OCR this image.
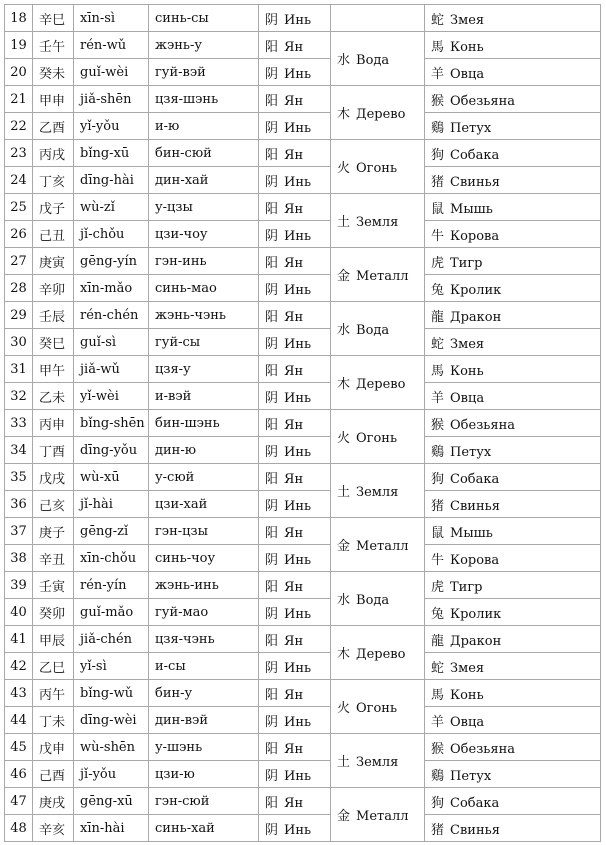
18	辛巳	xīn-sì	синь-сы	阴 Инь		蛇 Змея
19	壬午	rén-wǔ	жэнь-у	阳 Ян	水 Вода	馬 Конь
20	癸未	guǐ-wèi	гуй-вэй	阴 Инь		羊 Овца
21	甲申	jiǎ-shēn	цзя-шэнь	阳 Ян	木 Дерево	猴 Обезьяна
22	乙酉	yǐ-yǒu	и-ю	阴 Инь		鷄 Петух
23	丙戌	bǐng-xū	бин-сюй	阳 Ян	火 Огонь	狗 Собака
24	丁亥	dīng-hài	дин-хай	阴 Инь		猪 Свинья
25	戊子	wù-zǐ	у-цзы	阳 Ян	土 Земля	鼠 Мышь
26	己丑	jǐ-chǒu	цзи-чоу	阴 Инь		牛 Корова
27	庚寅	gēng-yín	гэн-инь	阳 Ян	金 Металл	虎 Тигр
28	辛卯	xīn-mǎo	синь-мао	阴 Инь		兔 Кролик
29	壬辰	rén-chén	жэнь-чэнь	阳 Ян	水 Вода	龍 Дракон
30	癸巳	guǐ-sì	гуй-сы	阴 Инь		蛇 Змея
31	甲午	jiǎ-wǔ	цзя-у	阳 Ян	木 Дерево	馬 Конь
32	乙未	yǐ-wèi	и-вэй	阴 Инь		羊 Овца
33	丙申	bǐng-shēn	бин-шэнь	阳 Ян	火 Огонь	猴 Обезьяна
34	丁酉	dīng-yǒu	дин-ю	阴 Инь		鷄 Петух
35	戊戌	wù-xū	у-сюй	阳 Ян	土 Земля	狗 Собака
36	己亥	jǐ-hài	цзи-хай	阴 Инь		猪 Свинья
37	庚子	gēng-zǐ	гэн-цзы	阳 Ян	金 Металл	鼠 Мышь
38	辛丑	xīn-chǒu	синь-чоу	阴 Инь		牛 Корова
39	壬寅	rén-yín	жэнь-инь	阳 Ян	水 Вода	虎 Тигр
40	癸卯	guǐ-mǎo	гуй-мао	阴 Инь		兔 Кролик
41	甲辰	jiǎ-chén	цзя-чэнь	阳 Ян	木 Дерево	龍 Дракон
42	乙巳	yǐ-sì	и-сы	阴 Инь		蛇 Змея
43	丙午	bǐng-wǔ	бин-у	阳 Ян	火 Огонь	馬 Конь
44	丁未	dīng-wèi	дин-вэй	阴 Инь		羊 Овца
45	戊申	wù-shēn	у-шэнь	阳 Ян	土 Земля	猴 Обезьяна
46	己酉	jǐ-yǒu	цзи-ю	阴 Инь		鷄 Петух
47	庚戌	gēng-xū	гэн-сюй	阳 Ян	金 Металл	狗 Собака
48	辛亥	xīn-hài	синь-хай	阴 Инь		猪 Свинья
